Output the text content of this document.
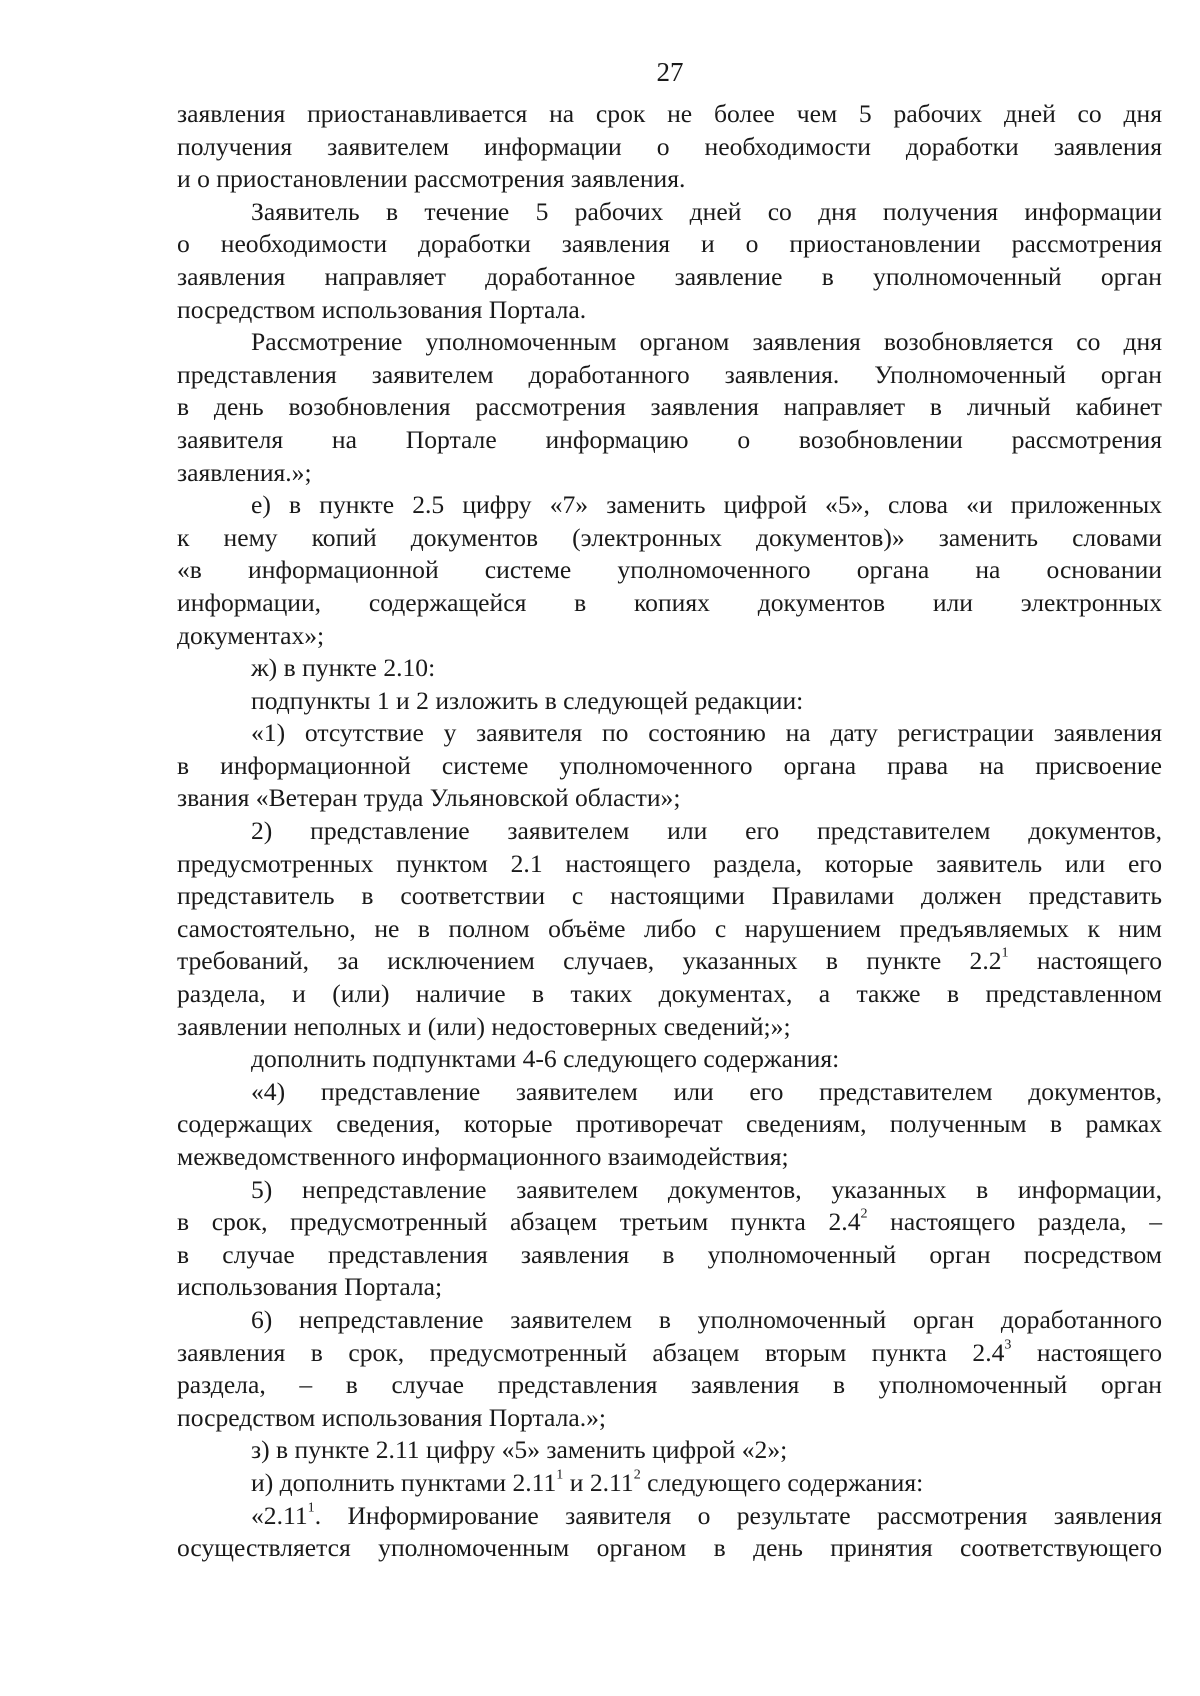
27

заявления приостанавливается на срок не более чем 5 рабочих дней со дня

получения заявителем информации о необходимости доработки заявления

и о приостановлении рассмотрения заявления.

Заявитель в течение 5 рабочих дней со дня получения информации

о необходимости доработки заявления и о приостановлении рассмотрения

заявления направляет доработанное заявление в уполномоченный орган

посредством использования Портала.

Рассмотрение уполномоченным органом заявления возобновляется со дня

представления заявителем доработанного заявления. Уполномоченный орган

в день возобновления рассмотрения заявления направляет в личный кабинет

заявителя на Портале информацию о возобновлении рассмотрения

заявления.»;

е) в пункте 2.5 цифру «7» заменить цифрой «5», слова «и приложенных

к нему копий документов (электронных документов)» заменить словами

«в информационной системе уполномоченного органа на основании

информации, содержащейся в копиях документов или электронных

документах»;

ж) в пункте 2.10:

подпункты 1 и 2 изложить в следующей редакции:

«1) отсутствие у заявителя по состоянию на дату регистрации заявления

в информационной системе уполномоченного органа права на присвоение

звания «Ветеран труда Ульяновской области»;

2) представление заявителем или его представителем документов,

предусмотренных пунктом 2.1 настоящего раздела, которые заявитель или его

представитель в соответствии с настоящими Правилами должен представить

самостоятельно, не в полном объёме либо с нарушением предъявляемых к ним

требований, за исключением случаев, указанных в пункте $2.2^1$ настоящего

раздела, и (или) наличие в таких документах, а также в представленном

заявлении неполных и (или) недостоверных сведений;»;

дополнить подпунктами 4-6 следующего содержания:

«4) представление заявителем или его представителем документов,

содержащих сведения, которые противоречат сведениям, полученным в рамках

межведомственного информационного взаимодействия;

5) непредставление заявителем документов, указанных в информации,

в срок, предусмотренный абзацем третьим пункта $2.4^2$ настоящего раздела, –

в случае представления заявления в уполномоченный орган посредством

использования Портала;

6) непредставление заявителем в уполномоченный орган доработанного

заявления в срок, предусмотренный абзацем вторым пункта $2.4^3$ настоящего

раздела, – в случае представления заявления в уполномоченный орган

посредством использования Портала.»;

з) в пункте 2.11 цифру «5» заменить цифрой «2»;

и) дополнить пунктами 2.11$^1$ и 2.11$^2$ следующего содержания:

«2.11$^1$. Информирование заявителя о результате рассмотрения заявления

осуществляется уполномоченным органом в день принятия соответствующего
